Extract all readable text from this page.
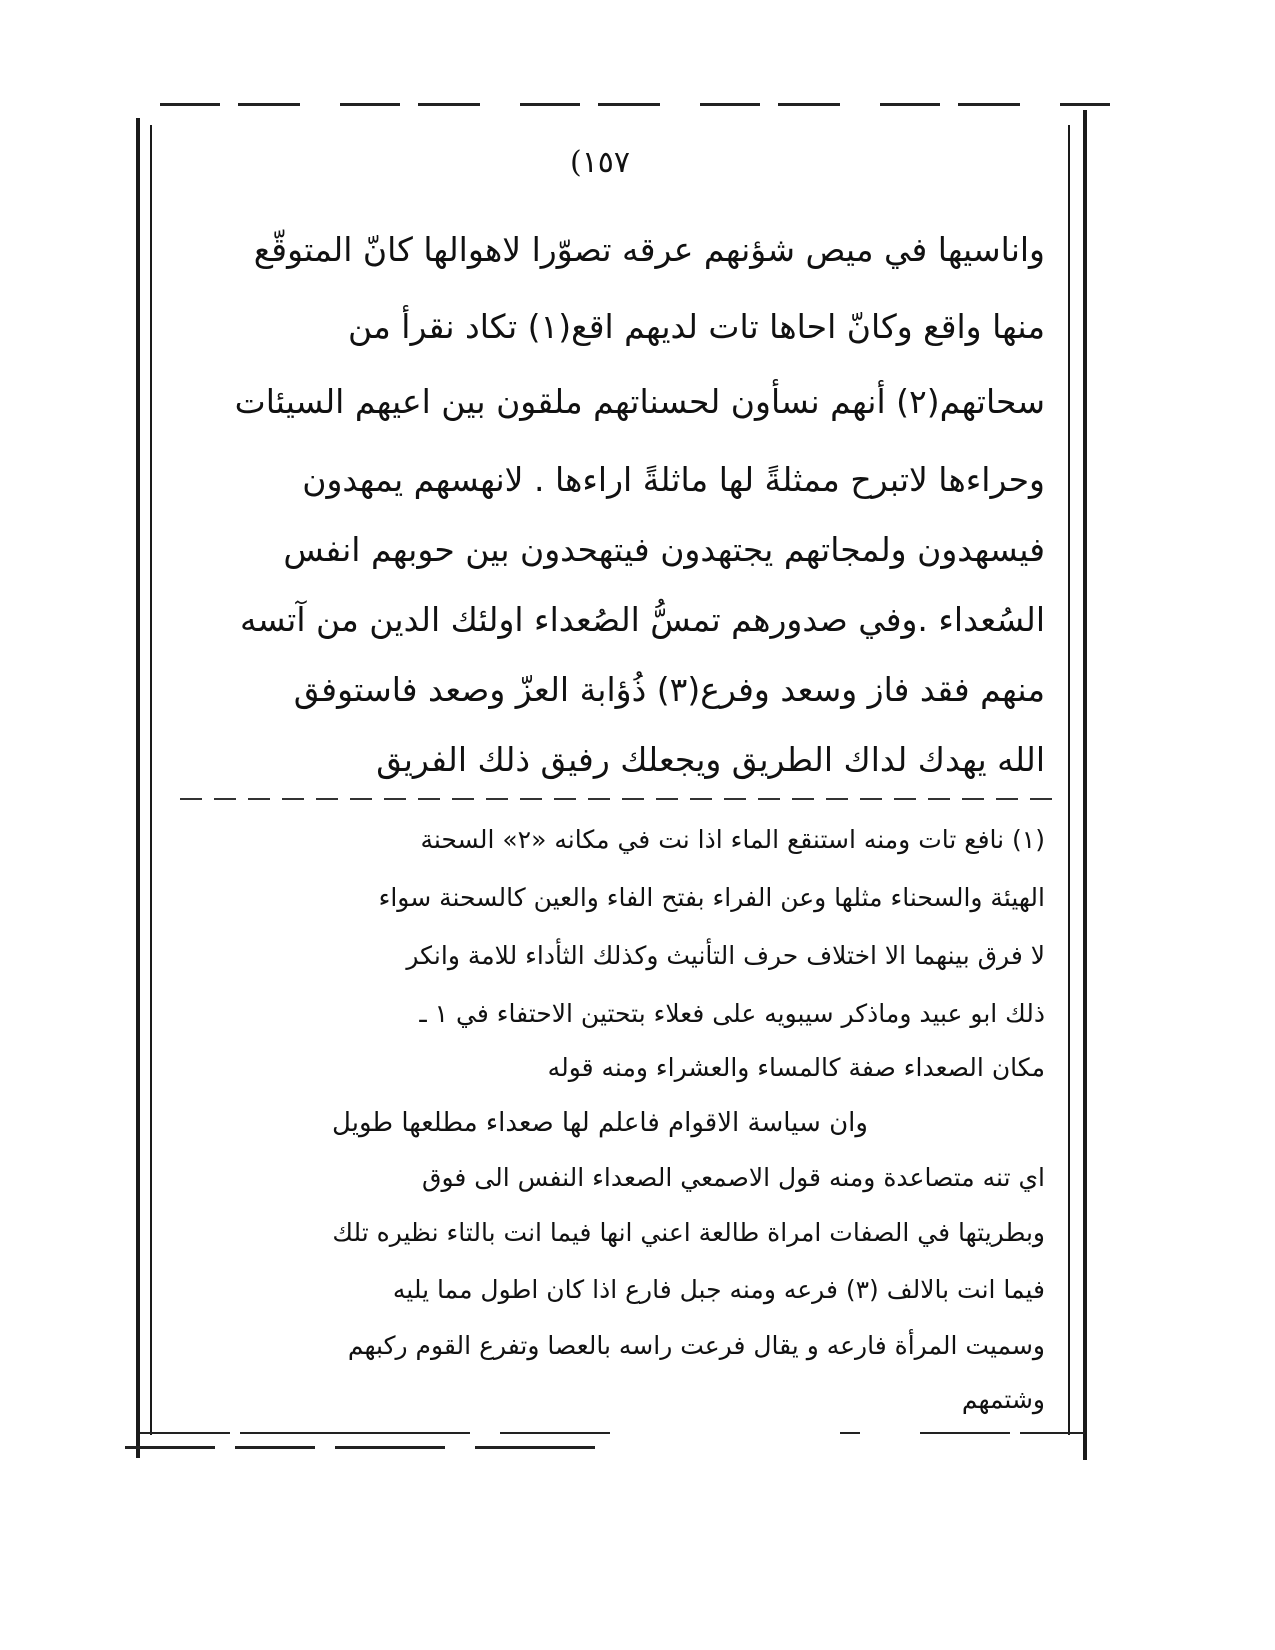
(١٥٧
واناسيها في ميص شؤنهم عرقه تصوّرا لاهوالها كانّ المتوقّع
منها واقع وكانّ احاها تات لديهم اقع(١) تكاد نقرأ من
سحاتهم(٢) أنهم نسأون لحسناتهم ملقون بين اعيهم السيئات
وحراءها لاتبرح ممثلةً لها ماثلةً اراءها . لانهسهم يمهدون
فيسهدون ولمجاتهم يجتهدون فيتهحدون بين حوبهم انفس
السُعداء .وفي صدورهم تمسُّ الصُعداء اولئك الدين من آتسه
منهم فقد فاز وسعد وفرع(٣) ذُؤابة العزّ وصعد فاستوفق
الله يهدك لداك الطريق ويجعلك رفيق ذلك الفريق
(١) نافع تات ومنه استنقع الماء اذا نت في مكانه «٢» السحنة
الهيئة والسحناء مثلها وعن الفراء بفتح الفاء والعين كالسحنة سواء
لا فرق بينهما الا اختلاف حرف التأنيث وكذلك الثأداء للامة وانكر
ذلك ابو عبيد وماذكر سيبويه على فعلاء بتحتين الاحتفاء في ١ ـ
مكان الصعداء صفة كالمساء والعشراء ومنه قوله
وان سياسة الاقوام فاعلم لها صعداء مطلعها طويل
اي تنه متصاعدة ومنه قول الاصمعي الصعداء النفس الى فوق
وبطريتها في الصفات امراة طالعة اعني انها فيما انت بالتاء نظيره تلك
فيما انت بالالف (٣) فرعه ومنه جبل فارع اذا كان اطول مما يليه
وسميت المرأة فارعه و يقال فرعت راسه بالعصا وتفرع القوم ركبهم
وشتمهم
